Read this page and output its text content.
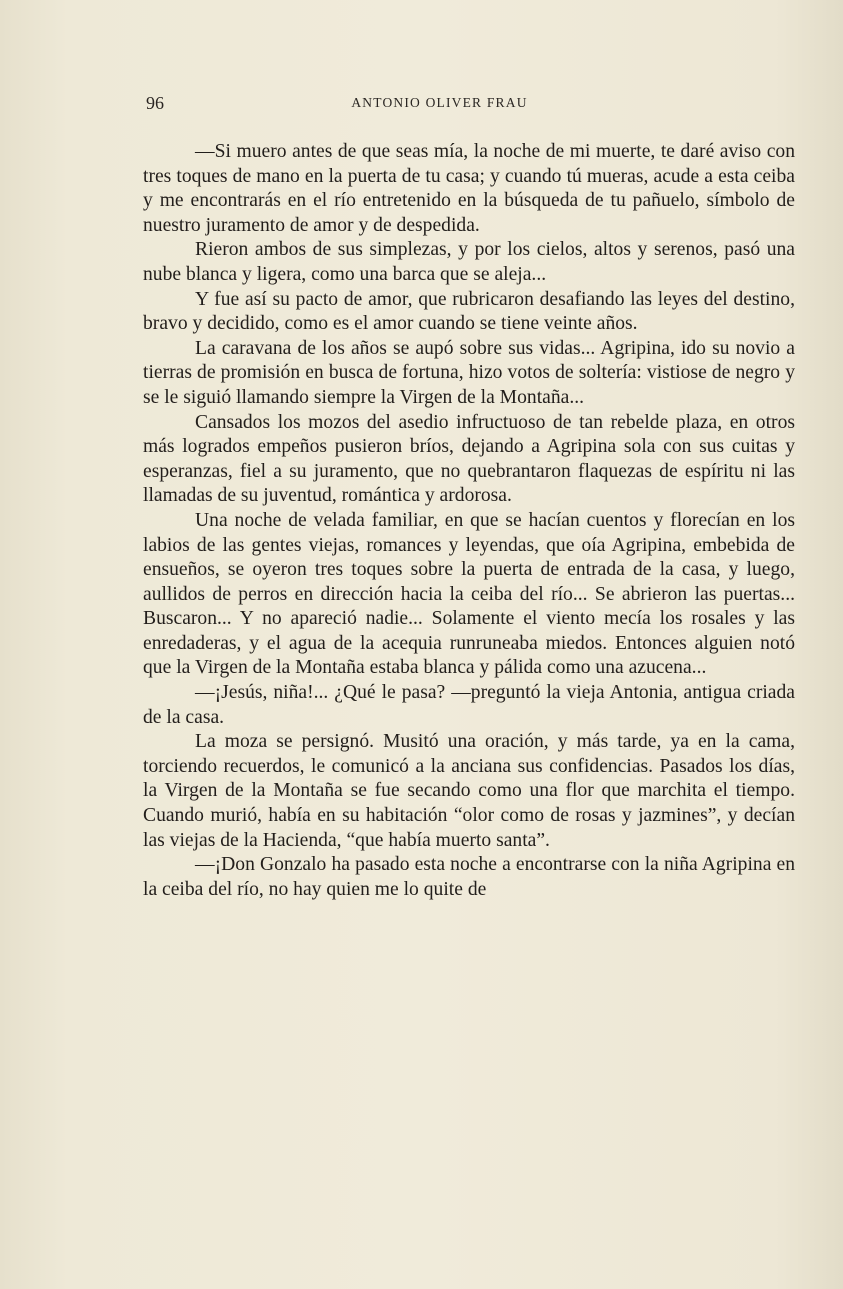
96	ANTONIO OLIVER FRAU

—Si muero antes de que seas mía, la noche de mi muerte, te daré aviso con tres toques de mano en la puerta de tu casa; y cuando tú mueras, acude a esta ceiba y me encontrarás en el río entretenido en la búsqueda de tu pañuelo, símbolo de nuestro juramento de amor y de despedida.

Rieron ambos de sus simplezas, y por los cielos, altos y serenos, pasó una nube blanca y ligera, como una barca que se aleja...

Y fue así su pacto de amor, que rubricaron desafiando las leyes del destino, bravo y decidido, como es el amor cuando se tiene veinte años.

La caravana de los años se aupó sobre sus vidas... Agripina, ido su novio a tierras de promisión en busca de fortuna, hizo votos de soltería: vistiose de negro y se le siguió llamando siempre la Virgen de la Montaña...

Cansados los mozos del asedio infructuoso de tan rebelde plaza, en otros más logrados empeños pusieron bríos, dejando a Agripina sola con sus cuitas y esperanzas, fiel a su juramento, que no quebrantaron flaquezas de espíritu ni las llamadas de su juventud, romántica y ardorosa.

Una noche de velada familiar, en que se hacían cuentos y florecían en los labios de las gentes viejas, romances y leyendas, que oía Agripina, embebida de ensueños, se oyeron tres toques sobre la puerta de entrada de la casa, y luego, aullidos de perros en dirección hacia la ceiba del río... Se abrieron las puertas... Buscaron... Y no apareció nadie... Solamente el viento mecía los rosales y las enredaderas, y el agua de la acequia runruneaba miedos. Entonces alguien notó que la Virgen de la Montaña estaba blanca y pálida como una azucena...

—¡Jesús, niña!... ¿Qué le pasa? —preguntó la vieja Antonia, antigua criada de la casa.

La moza se persignó. Musitó una oración, y más tarde, ya en la cama, torciendo recuerdos, le comunicó a la anciana sus confidencias. Pasados los días, la Virgen de la Montaña se fue secando como una flor que marchita el tiempo. Cuando murió, había en su habitación “olor como de rosas y jazmines”, y decían las viejas de la Hacienda, “que había muerto santa”.

—¡Don Gonzalo ha pasado esta noche a encontrarse con la niña Agripina en la ceiba del río, no hay quien me lo quite de
